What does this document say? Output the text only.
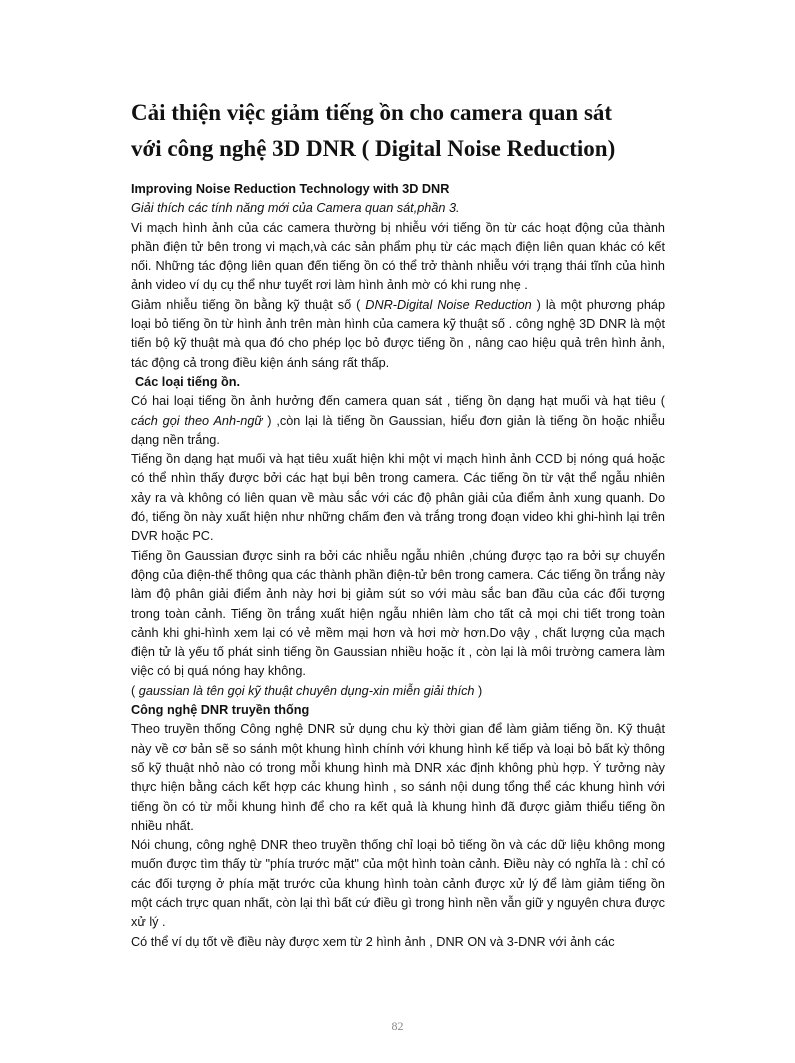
Cải thiện việc giảm tiếng ồn cho camera quan sát
với công nghệ 3D DNR ( Digital Noise Reduction)

Improving Noise Reduction Technology with 3D DNR

Giải thích các tính năng mới của Camera quan sát,phần 3.

Vi mạch hình ảnh của các camera thường bị nhiễu với tiếng ồn từ các hoạt động của thành phần điện tử bên trong vi mạch,và các sản phẩm phụ từ các mạch điện liên quan khác có kết nối. Những tác động liên quan đến tiếng ồn có thể trở thành nhiễu với trạng thái tĩnh của hình ảnh video ví dụ cụ thể như tuyết rơi làm hình ảnh mờ có khi rung nhẹ .

Giảm nhiễu tiếng ồn bằng kỹ thuật số ( DNR-Digital Noise Reduction ) là một phương pháp loại bỏ tiếng ồn từ hình ảnh trên màn hình của camera kỹ thuật số . công nghệ 3D DNR là một tiến bộ kỹ thuật mà qua đó cho phép lọc bỏ được tiếng ồn , nâng cao hiệu quả trên hình ảnh, tác động cả trong điều kiện ánh sáng rất thấp.

Các loại tiếng ồn.

Có hai loại tiếng ồn ảnh hưởng đến camera quan sát , tiếng ồn dạng hạt muối và hạt tiêu ( cách gọi theo Anh-ngữ ) ,còn lại là tiếng ồn Gaussian, hiểu đơn giản là tiếng ồn hoặc nhiễu dạng nền trắng.

Tiếng ồn dạng hạt muối và hạt tiêu xuất hiện khi một vi mạch hình ảnh CCD bị nóng quá hoặc có thể nhìn thấy được bởi các hạt bụi bên trong camera. Các tiếng ồn từ vật thể ngẫu nhiên xảy ra và không có liên quan về màu sắc với các độ phân giải của điểm ảnh xung quanh. Do đó, tiếng ồn này xuất hiện như những chấm đen và trắng trong đoạn video khi ghi-hình lại trên DVR hoặc PC.

Tiếng ồn Gaussian được sinh ra bởi các nhiễu ngẫu nhiên ,chúng được tạo ra bởi sự chuyển động của điện-thế thông qua các thành phần điện-tử bên trong camera. Các tiếng ồn trắng này làm độ phân giải điểm ảnh này hơi bị giảm sút so với màu sắc ban đầu của các đối tượng trong toàn cảnh. Tiếng ồn trắng xuất hiện ngẫu nhiên làm cho tất cả mọi chi tiết trong toàn cảnh khi ghi-hình xem lại có vẻ mềm mại hơn và hơi mờ hơn.Do vậy , chất lượng của mạch điện tử là yếu tố phát sinh tiếng ồn Gaussian nhiều hoặc ít , còn lại là môi trường camera làm việc có bị quá nóng hay không.

( gaussian là tên gọi kỹ thuật chuyên dụng-xin miễn giải thích )

Công nghệ DNR truyền thống

Theo truyền thống Công nghệ DNR sử dụng chu kỳ thời gian để làm giảm tiếng ồn. Kỹ thuật này về cơ bản sẽ so sánh một khung hình chính với khung hình kế tiếp và loại bỏ bất kỳ thông số kỹ thuật nhỏ nào có trong mỗi khung hình mà DNR xác định không phù hợp. Ý tưởng này thực hiện bằng cách kết hợp các khung hình , so sánh nội dung tổng thể các khung hình với tiếng ồn có từ mỗi khung hình để cho ra kết quả là khung hình đã được giảm thiểu tiếng ồn nhiều nhất.

Nói chung, công nghệ DNR theo truyền thống chỉ loại bỏ tiếng ồn và các dữ liệu không mong muốn được tìm thấy từ "phía trước mặt" của một hình toàn cảnh. Điều này có nghĩa là : chỉ có các đối tượng ở phía mặt trước của khung hình toàn cảnh được xử lý để làm giảm tiếng ồn một cách trực quan nhất, còn lại thì bất cứ điều gì trong hình nền vẫn giữ y nguyên chưa được xử lý .

Có thể ví dụ tốt về điều này được xem từ 2 hình ảnh , DNR ON và 3-DNR với ảnh các

82
